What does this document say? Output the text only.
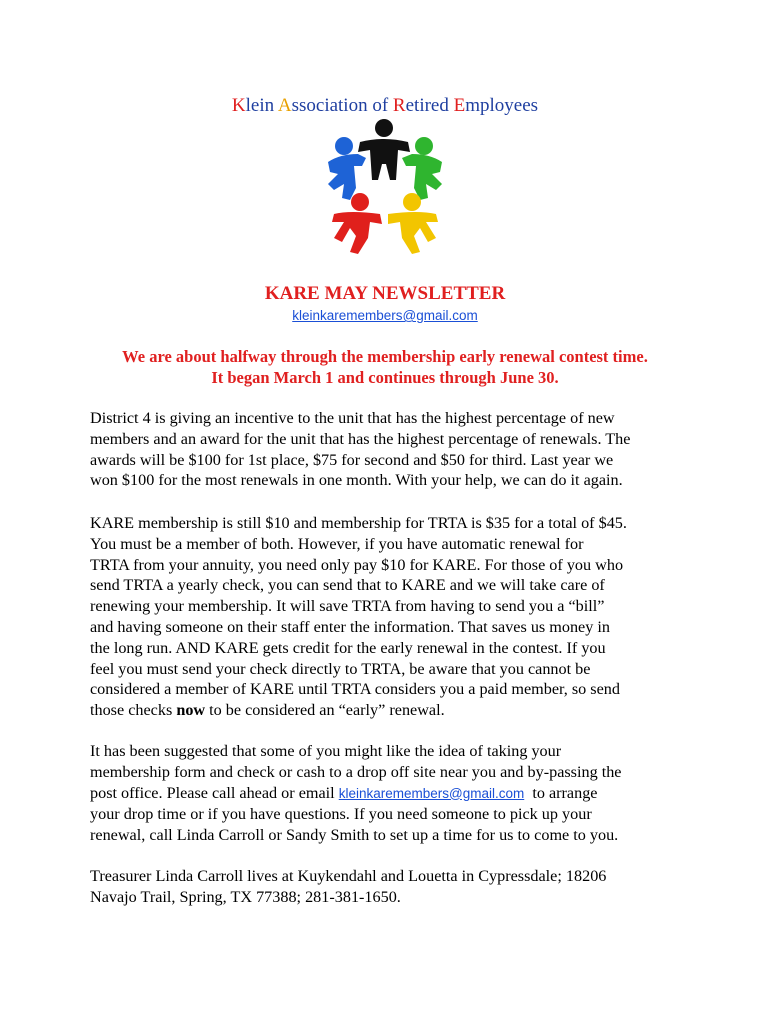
Klein Association of Retired Employees
KARE MAY NEWSLETTER
kleinkaremembers@gmail.com
We are about halfway through the membership early renewal contest time.
It began March 1 and continues through June 30.
District 4 is giving an incentive to the unit that has the highest percentage of new
members and an award for the unit that has the highest percentage of renewals. The
awards will be $100 for 1st place, $75 for second and $50 for third. Last year we
won $100 for the most renewals in one month. With your help, we can do it again.
KARE membership is still $10 and membership for TRTA is $35 for a total of $45.
You must be a member of both. However, if you have automatic renewal for
TRTA from your annuity, you need only pay $10 for KARE. For those of you who
send TRTA a yearly check, you can send that to KARE and we will take care of
renewing your membership. It will save TRTA from having to send you a “bill”
and having someone on their staff enter the information. That saves us money in
the long run. AND KARE gets credit for the early renewal in the contest. If you
feel you must send your check directly to TRTA, be aware that you cannot be
considered a member of KARE until TRTA considers you a paid member, so send
those checks now to be considered an “early” renewal.
It has been suggested that some of you might like the idea of taking your
membership form and check or cash to a drop off site near you and by-passing the
post office. Please call ahead or email kleinkaremembers@gmail.com  to arrange
your drop time or if you have questions. If you need someone to pick up your
renewal, call Linda Carroll or Sandy Smith to set up a time for us to come to you.
Treasurer Linda Carroll lives at Kuykendahl and Louetta in Cypressdale; 18206
Navajo Trail, Spring, TX 77388; 281-381-1650.
